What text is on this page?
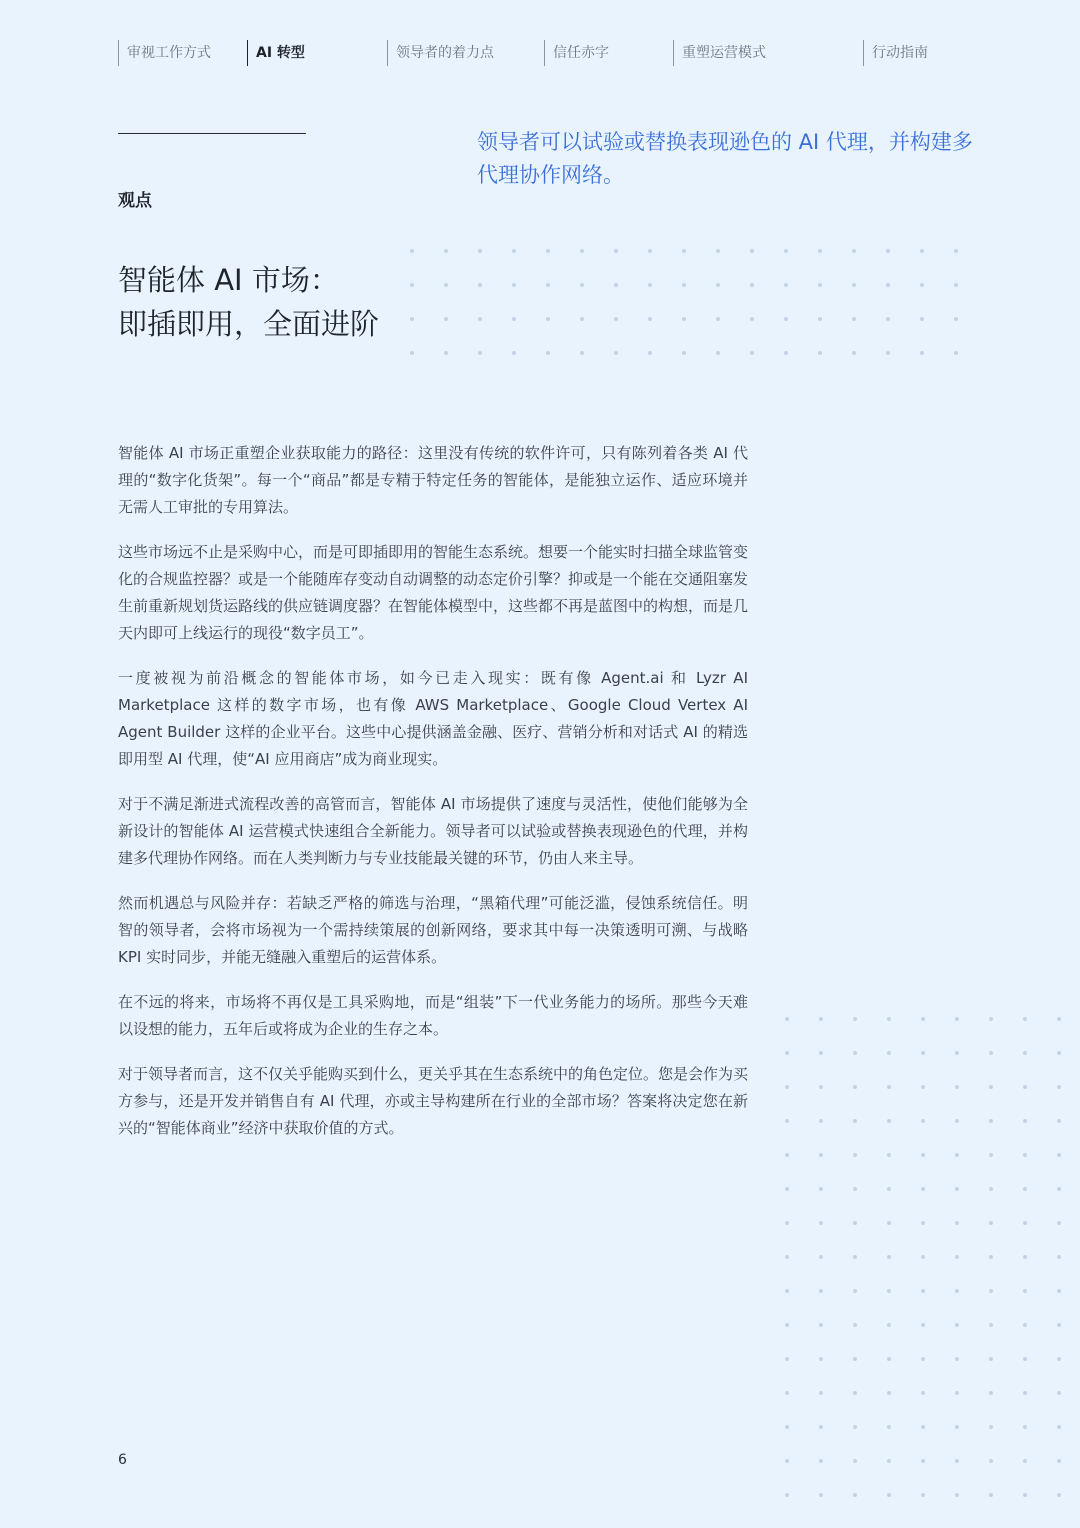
审视工作方式	AI 转型	领导者的着力点	信任赤字	重塑运营模式	行动指南
观点
智能体 AI 市场：
即插即用，全面进阶

领导者可以试验或替换表现逊色的 AI 代理，并构建多代理协作网络。

智能体 AI 市场正重塑企业获取能力的路径：这里没有传统的软件许可，只有陈列着各类 AI 代理的“数字化货架”。每一个“商品”都是专精于特定任务的智能体，是能独立运作、适应环境并无需人工审批的专用算法。

这些市场远不止是采购中心，而是可即插即用的智能生态系统。想要一个能实时扫描全球监管变化的合规监控器？或是一个能随库存变动自动调整的动态定价引擎？抑或是一个能在交通阻塞发生前重新规划货运路线的供应链调度器？在智能体模型中，这些都不再是蓝图中的构想，而是几天内即可上线运行的现役“数字员工”。

一度被视为前沿概念的智能体市场，如今已走入现实：既有像 Agent.ai 和 Lyzr AI Marketplace 这样的数字市场，也有像 AWS Marketplace、Google Cloud Vertex AI Agent Builder 这样的企业平台。这些中心提供涵盖金融、医疗、营销分析和对话式 AI 的精选即用型 AI 代理，使“AI 应用商店”成为商业现实。

对于不满足渐进式流程改善的高管而言，智能体 AI 市场提供了速度与灵活性，使他们能够为全新设计的智能体 AI 运营模式快速组合全新能力。领导者可以试验或替换表现逊色的代理，并构建多代理协作网络。而在人类判断力与专业技能最关键的环节，仍由人来主导。

然而机遇总与风险并存：若缺乏严格的筛选与治理，“黑箱代理”可能泛滥，侵蚀系统信任。明智的领导者，会将市场视为一个需持续策展的创新网络，要求其中每一决策透明可溯、与战略 KPI 实时同步，并能无缝融入重塑后的运营体系。

在不远的将来，市场将不再仅是工具采购地，而是“组装”下一代业务能力的场所。那些今天难以设想的能力，五年后或将成为企业的生存之本。

对于领导者而言，这不仅关乎能购买到什么，更关乎其在生态系统中的角色定位。您是会作为买方参与，还是开发并销售自有 AI 代理，亦或主导构建所在行业的全部市场？答案将决定您在新兴的“智能体商业”经济中获取价值的方式。

6
